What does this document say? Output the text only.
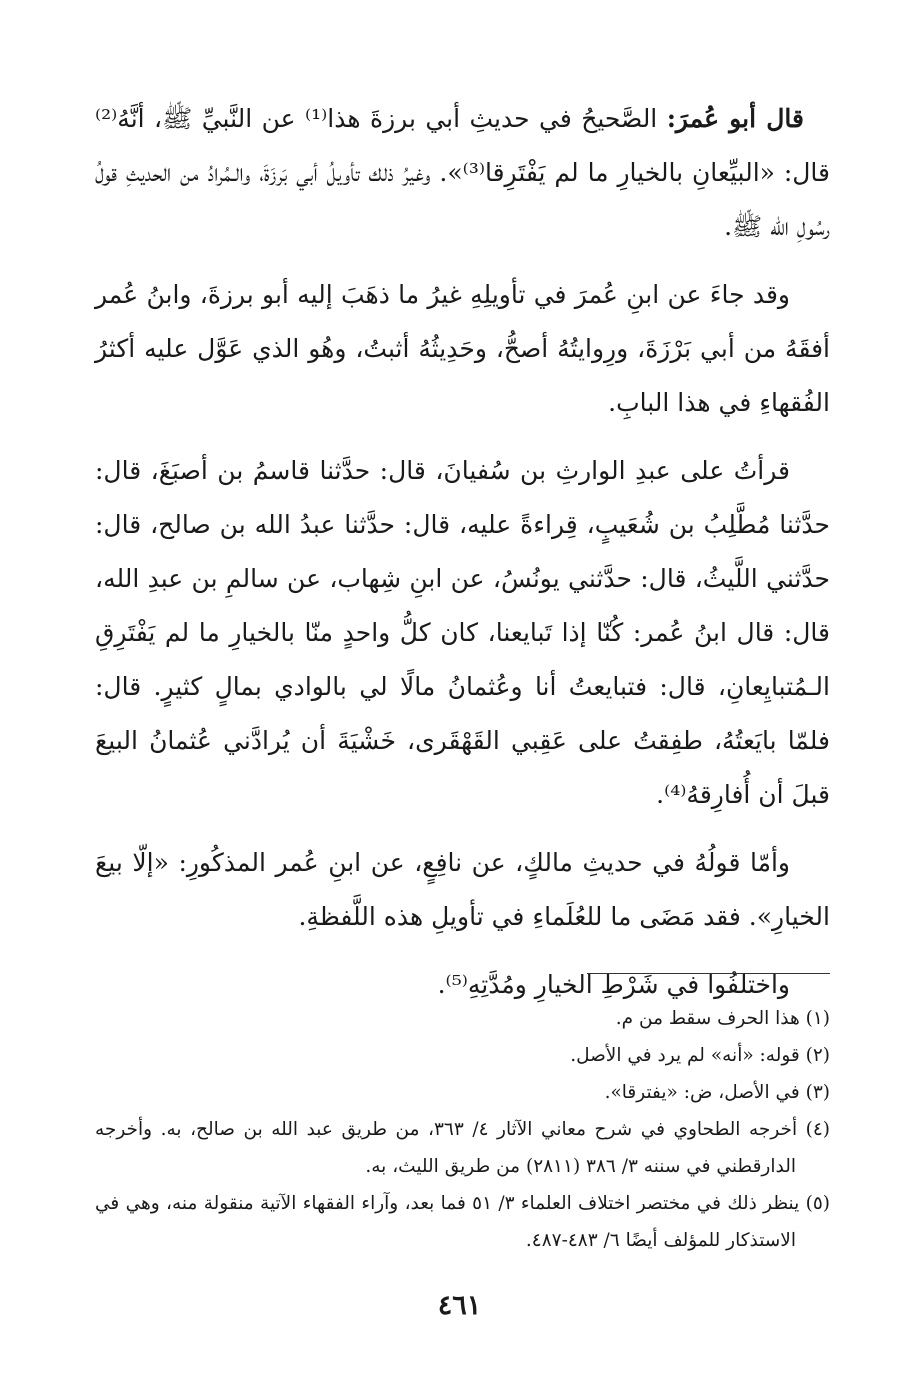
قال أبو عُمرَ: الصَّحيحُ في حديثِ أبي برزةَ هذا⁽¹⁾ عن النَّبيِّ ﷺ، أنَّهُ⁽²⁾ قال: «البيِّعانِ بالخيارِ ما لم يَفْتَرِقا⁽³⁾». وغيرُ ذلك تأويلُ أبي بَرزَةَ، والـمُرادُ من الحديثِ قولُ رسُولِ الله ﷺ.

وقد جاءَ عن ابنِ عُمرَ في تأويلِهِ غيرُ ما ذهَبَ إليه أبو برزةَ، وابنُ عُمر أفقَهُ من أبي بَرْزَةَ، ورِوايتُهُ أصحُّ، وحَدِيثُهُ أثبتُ، وهُو الذي عَوَّل عليه أكثرُ الفُقهاءِ في هذا البابِ.

قرأتُ على عبدِ الوارثِ بن سُفيانَ، قال: حدَّثنا قاسمُ بن أصبَغَ، قال: حدَّثنا مُطَّلِبُ بن شُعَيبٍ، قِراءةً عليه، قال: حدَّثنا عبدُ الله بن صالح، قال: حدَّثني اللَّيثُ، قال: حدَّثني يونُسُ، عن ابنِ شِهاب، عن سالمِ بن عبدِ الله، قال: قال ابنُ عُمر: كُنّا إذا تَبايعنا، كان كلُّ واحدٍ منّا بالخيارِ ما لم يَفْتَرِقِ الـمُتبايِعانِ، قال: فتبايعتُ أنا وعُثمانُ مالًا لي بالوادي بمالٍ كثيرٍ. قال: فلمّا بايَعتُهُ، طفِقتُ على عَقِبي القَهْقَرى، خَشْيَةَ أن يُرادَّني عُثمانُ البيعَ قبلَ أن أُفارِقهُ⁽⁴⁾.

وأمّا قولُهُ في حديثِ مالكٍ، عن نافِعٍ، عن ابنِ عُمر المذكُورِ: «إلّا بيعَ الخيارِ». فقد مَضَى ما للعُلَماءِ في تأويلِ هذه اللَّفظةِ.

واختلفُوا في شَرْطِ الخيارِ ومُدَّتِهِ⁽⁵⁾.

(١) هذا الحرف سقط من م.

(٢) قوله: «أنه» لم يرد في الأصل.

(٣) في الأصل، ض: «يفترقا».

(٤) أخرجه الطحاوي في شرح معاني الآثار ٤/ ٣٦٣، من طريق عبد الله بن صالح، به. وأخرجه الدارقطني في سننه ٣/ ٣٨٦ (٢٨١١) من طريق الليث، به.

(٥) ينظر ذلك في مختصر اختلاف العلماء ٣/ ٥١ فما بعد، وآراء الفقهاء الآتية منقولة منه، وهي في الاستذكار للمؤلف أيضًا ٦/ ٤٨٣-٤٨٧.

٤٦١
